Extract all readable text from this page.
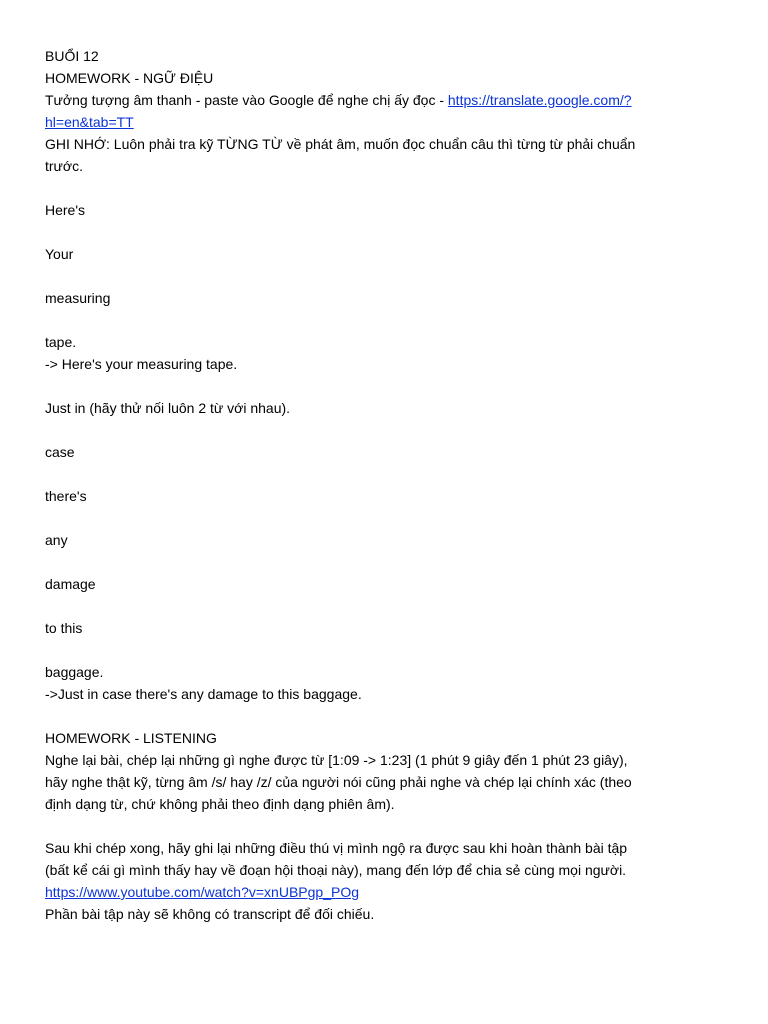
BUỔI 12
HOMEWORK - NGỮ ĐIỆU
Tưởng tượng âm thanh - paste vào Google để nghe chị ấy đọc - https://translate.google.com/?
hl=en&tab=TT
GHI NHỚ: Luôn phải tra kỹ TỪNG TỪ về phát âm, muốn đọc chuẩn câu thì từng từ phải chuẩn
trước.
Here's
Your
measuring
tape.
-> Here's your measuring tape.
Just in (hãy thử nối luôn 2 từ với nhau).
case
there's
any
damage
to this
baggage.
->Just in case there's any damage to this baggage.
HOMEWORK - LISTENING
Nghe lại bài, chép lại những gì nghe được từ [1:09 -> 1:23] (1 phút 9 giây đến 1 phút 23 giây),
hãy nghe thật kỹ, từng âm /s/ hay /z/ của người nói cũng phải nghe và chép lại chính xác (theo
định dạng từ, chứ không phải theo định dạng phiên âm).
Sau khi chép xong, hãy ghi lại những điều thú vị mình ngộ ra được sau khi hoàn thành bài tập
(bất kể cái gì mình thấy hay về đoạn hội thoại này), mang đến lớp để chia sẻ cùng mọi người.
https://www.youtube.com/watch?v=xnUBPgp_POg
Phần bài tập này sẽ không có transcript để đối chiếu.
